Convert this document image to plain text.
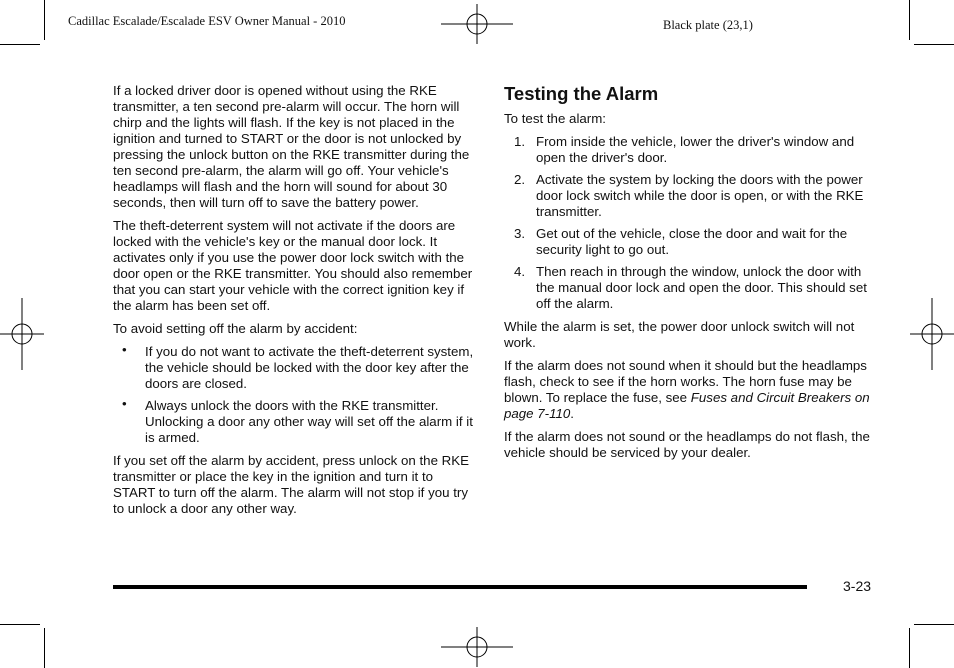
Cadillac Escalade/Escalade ESV Owner Manual - 2010	Black plate (23,1)

If a locked driver door is opened without using the RKE transmitter, a ten second pre-alarm will occur. The horn will chirp and the lights will flash. If the key is not placed in the ignition and turned to START or the door is not unlocked by pressing the unlock button on the RKE transmitter during the ten second pre-alarm, the alarm will go off. Your vehicle's headlamps will flash and the horn will sound for about 30 seconds, then will turn off to save the battery power.

The theft-deterrent system will not activate if the doors are locked with the vehicle's key or the manual door lock. It activates only if you use the power door lock switch with the door open or the RKE transmitter. You should also remember that you can start your vehicle with the correct ignition key if the alarm has been set off.

To avoid setting off the alarm by accident:

• If you do not want to activate the theft-deterrent system, the vehicle should be locked with the door key after the doors are closed.
• Always unlock the doors with the RKE transmitter. Unlocking a door any other way will set off the alarm if it is armed.

If you set off the alarm by accident, press unlock on the RKE transmitter or place the key in the ignition and turn it to START to turn off the alarm. The alarm will not stop if you try to unlock a door any other way.

Testing the Alarm

To test the alarm:

1. From inside the vehicle, lower the driver's window and open the driver's door.
2. Activate the system by locking the doors with the power door lock switch while the door is open, or with the RKE transmitter.
3. Get out of the vehicle, close the door and wait for the security light to go out.
4. Then reach in through the window, unlock the door with the manual door lock and open the door. This should set off the alarm.

While the alarm is set, the power door unlock switch will not work.

If the alarm does not sound when it should but the headlamps flash, check to see if the horn works. The horn fuse may be blown. To replace the fuse, see Fuses and Circuit Breakers on page 7-110.

If the alarm does not sound or the headlamps do not flash, the vehicle should be serviced by your dealer.

3-23
